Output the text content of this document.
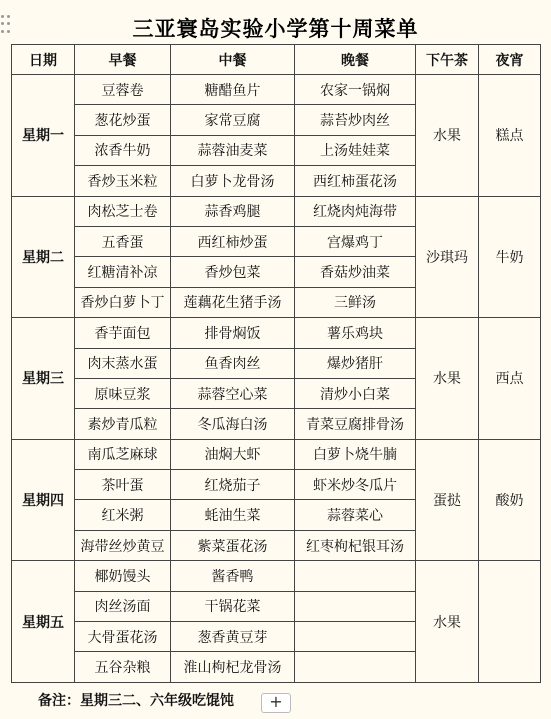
三亚寰岛实验小学第十周菜单
日期	早餐	中餐	晚餐	下午茶	夜宵
星期一	豆蓉卷	糖醋鱼片	农家一锅焖	水果	糕点
	葱花炒蛋	家常豆腐	蒜苔炒肉丝		
	浓香牛奶	蒜蓉油麦菜	上汤娃娃菜		
	香炒玉米粒	白萝卜龙骨汤	西红柿蛋花汤		
星期二	肉松芝士卷	蒜香鸡腿	红烧肉炖海带	沙琪玛	牛奶
	五香蛋	西红柿炒蛋	宫爆鸡丁		
	红糖清补凉	香炒包菜	香菇炒油菜		
	香炒白萝卜丁	莲藕花生猪手汤	三鲜汤		
星期三	香芋面包	排骨焖饭	薯乐鸡块	水果	西点
	肉末蒸水蛋	鱼香肉丝	爆炒猪肝		
	原味豆浆	蒜蓉空心菜	清炒小白菜		
	素炒青瓜粒	冬瓜海白汤	青菜豆腐排骨汤		
星期四	南瓜芝麻球	油焖大虾	白萝卜烧牛腩	蛋挞	酸奶
	茶叶蛋	红烧茄子	虾米炒冬瓜片		
	红米粥	蚝油生菜	蒜蓉菜心		
	海带丝炒黄豆	紫菜蛋花汤	红枣枸杞银耳汤		
星期五	椰奶馒头	酱香鸭		水果	
	肉丝汤面	干锅花菜			
	大骨蛋花汤	葱香黄豆芽			
	五谷杂粮	淮山枸杞龙骨汤			
备注：星期三二、六年级吃馄饨	+
